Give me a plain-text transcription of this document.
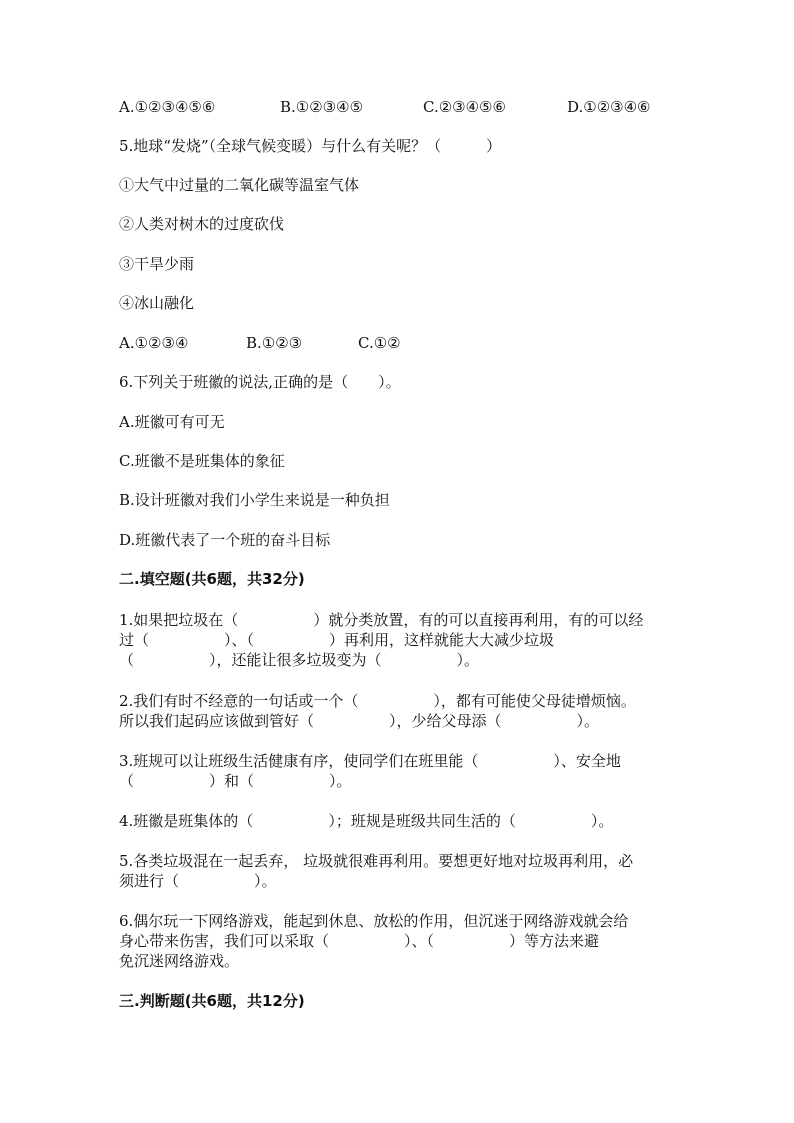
A.①②③④⑤⑥	B.①②③④⑤	C.②③④⑤⑥	D.①②③④⑥
5.地球“发烧”（全球气候变暖）与什么有关呢？（　　　）
①大气中过量的二氧化碳等温室气体
②人类对树木的过度砍伐
③干旱少雨
④冰山融化
A.①②③④	B.①②③	C.①②
6.下列关于班徽的说法,正确的是（　　）。
A.班徽可有可无
C.班徽不是班集体的象征
B.设计班徽对我们小学生来说是一种负担
D.班徽代表了一个班的奋斗目标
二.填空题(共6题，共32分)
1.如果把垃圾在（　　　　　）就分类放置，有的可以直接再利用，有的可以经
过（　　　　　）、（　　　　　）再利用，这样就能大大减少垃圾
（　　　　　），还能让很多垃圾变为（　　　　　）。
2.我们有时不经意的一句话或一个（　　　　　），都有可能使父母徒增烦恼。
所以我们起码应该做到管好（　　　　　），少给父母添（　　　　　）。
3.班规可以让班级生活健康有序，使同学们在班里能（　　　　　）、安全地
（　　　　　）和（　　　　　）。
4.班徽是班集体的（　　　　　）；班规是班级共同生活的（　　　　　）。
5.各类垃圾混在一起丢弃， 垃圾就很难再利用。要想更好地对垃圾再利用，必
须进行（　　　　　）。
6.偶尔玩一下网络游戏，能起到休息、放松的作用，但沉迷于网络游戏就会给
身心带来伤害，我们可以采取（　　　　　）、（　　　　　）等方法来避
免沉迷网络游戏。
三.判断题(共6题，共12分)
